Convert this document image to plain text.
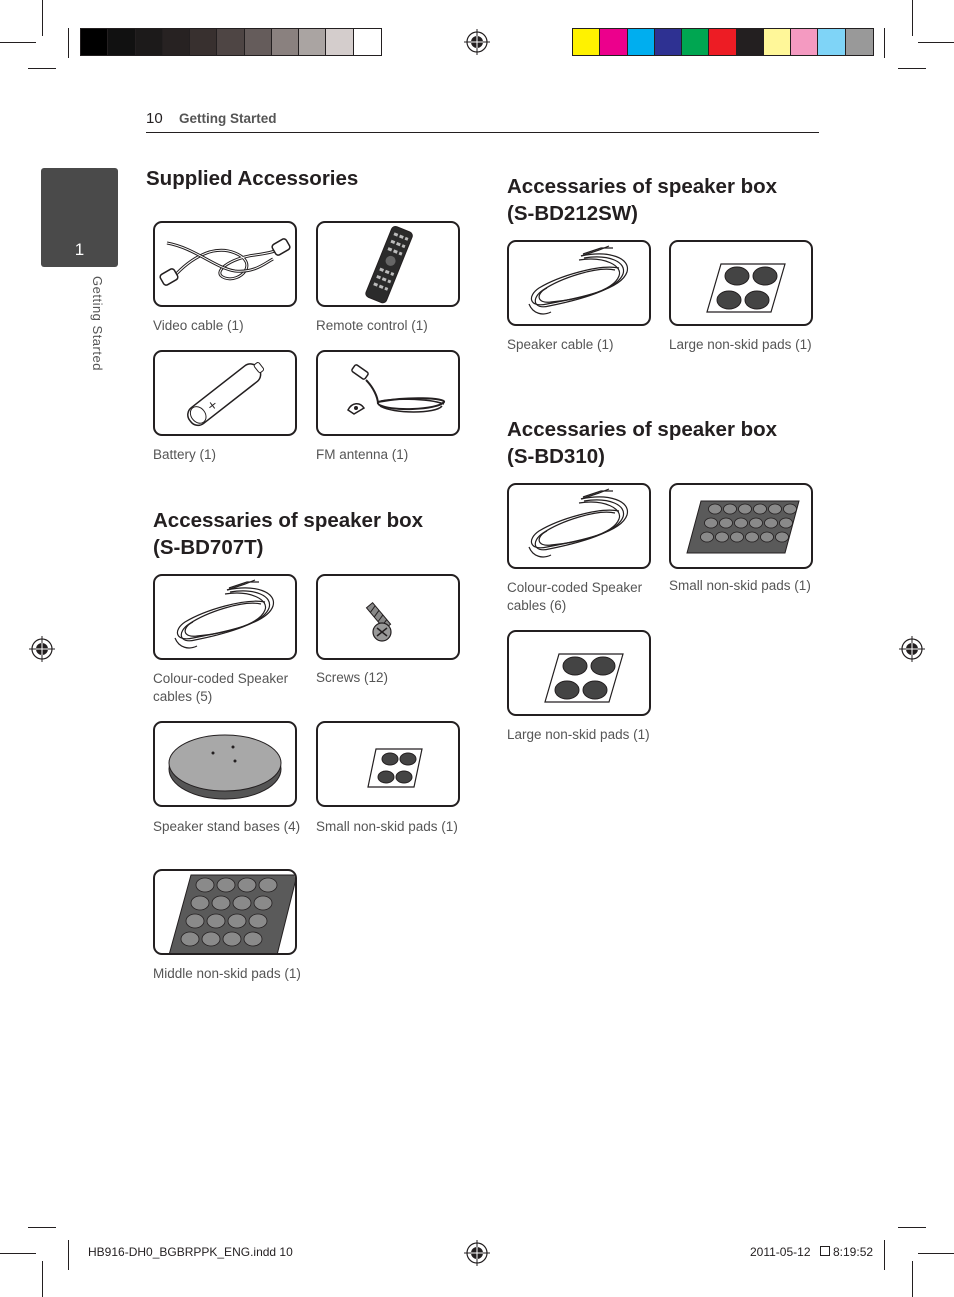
10 Getting Started
1
Getting Started
Supplied Accessories
Video cable (1)	Remote control (1)
+
Battery (1)	FM antenna (1)
Accessaries of speaker box
(S-BD707T)
Colour-coded Speaker cables (5)
Screws (12)
Speaker stand bases (4) Small non-skid pads (1)
Middle non-skid pads (1)
Accessaries of speaker box
(S-BD212SW)
Speaker cable (1)	Large non-skid pads (1)
Accessaries of speaker box
(S-BD310)
Colour-coded Speaker cables (6)
Small non-skid pads (1)
Large non-skid pads (1)
HB916-DH0_BGBRPPK_ENG.indd 10	2011-05-12 8:19:52
